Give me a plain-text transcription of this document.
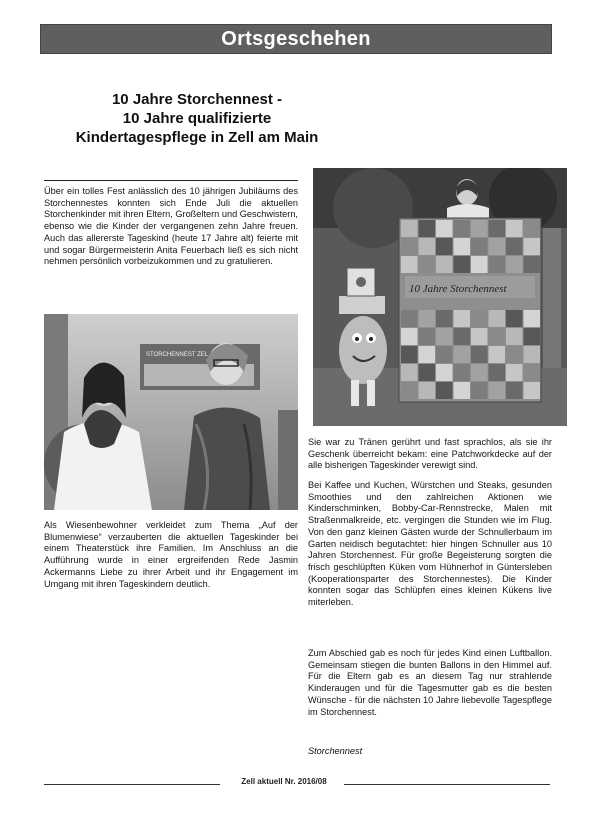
Ortsgeschehen
10 Jahre Storchennest -
10 Jahre qualifizierte
Kindertagespflege in Zell am Main

Über ein tolles Fest anlässlich des 10 jährigen Jubiläums des Storchennestes konnten sich Ende Juli die aktuellen Storchenkinder mit ihren Eltern, Großeltern und Geschwistern, ebenso wie die Kinder der vergangenen zehn Jahre freuen. Auch das allererste Tageskind (heute 17 Jahre alt) feierte mit und sogar Bürgermeisterin Anita Feuerbach ließ es sich nicht nehmen persönlich vorbeizukommen und zu gratulieren.

STORCHENNEST ZEL

Als Wiesenbewohner verkleidet zum Thema „Auf der Blumenwiese“ verzauberten die aktuellen Tageskinder bei einem Theaterstück ihre Familien. Im Anschluss an die Aufführung wurde in einer ergreifenden Rede Jasmin Ackermanns Liebe zu ihrer Arbeit und ihr Engagement im Umgang mit ihren Tageskindern deutlich.

10 Jahre Storchennest

Sie war zu Tränen gerührt und fast sprachlos, als sie ihr Geschenk überreicht bekam: eine Patchworkdecke auf der alle bisherigen Tageskinder verewigt sind.

Bei Kaffee und Kuchen, Würstchen und Steaks, gesunden Smoothies und den zahlreichen Aktionen wie Kinderschminken, Bobby-Car-Rennstrecke, Malen mit Straßenmalkreide, etc. vergingen die Stunden wie im Flug. Von den ganz kleinen Gästen wurde der Schnullerbaum im Garten neidisch begutachtet: hier hingen Schnuller aus 10 Jahren Storchennest. Für große Begeisterung sorgten die frisch geschlüpften Küken vom Hühnerhof in Güntersleben (Kooperationsparter des Storchennestes). Die Kinder konnten sogar das Schlüpfen eines kleinen Kükens live miterleben.

Zum Abschied gab es noch für jedes Kind einen Luftballon. Gemeinsam stiegen die bunten Ballons in den Himmel auf. Für die Eltern gab es an diesem Tag nur strahlende Kinderaugen und für die Tagesmutter gab es die besten Wünsche - für die nächsten 10 Jahre liebevolle Tagespflege im Storchennest.

Storchennest
Zell aktuell Nr. 2016/08
